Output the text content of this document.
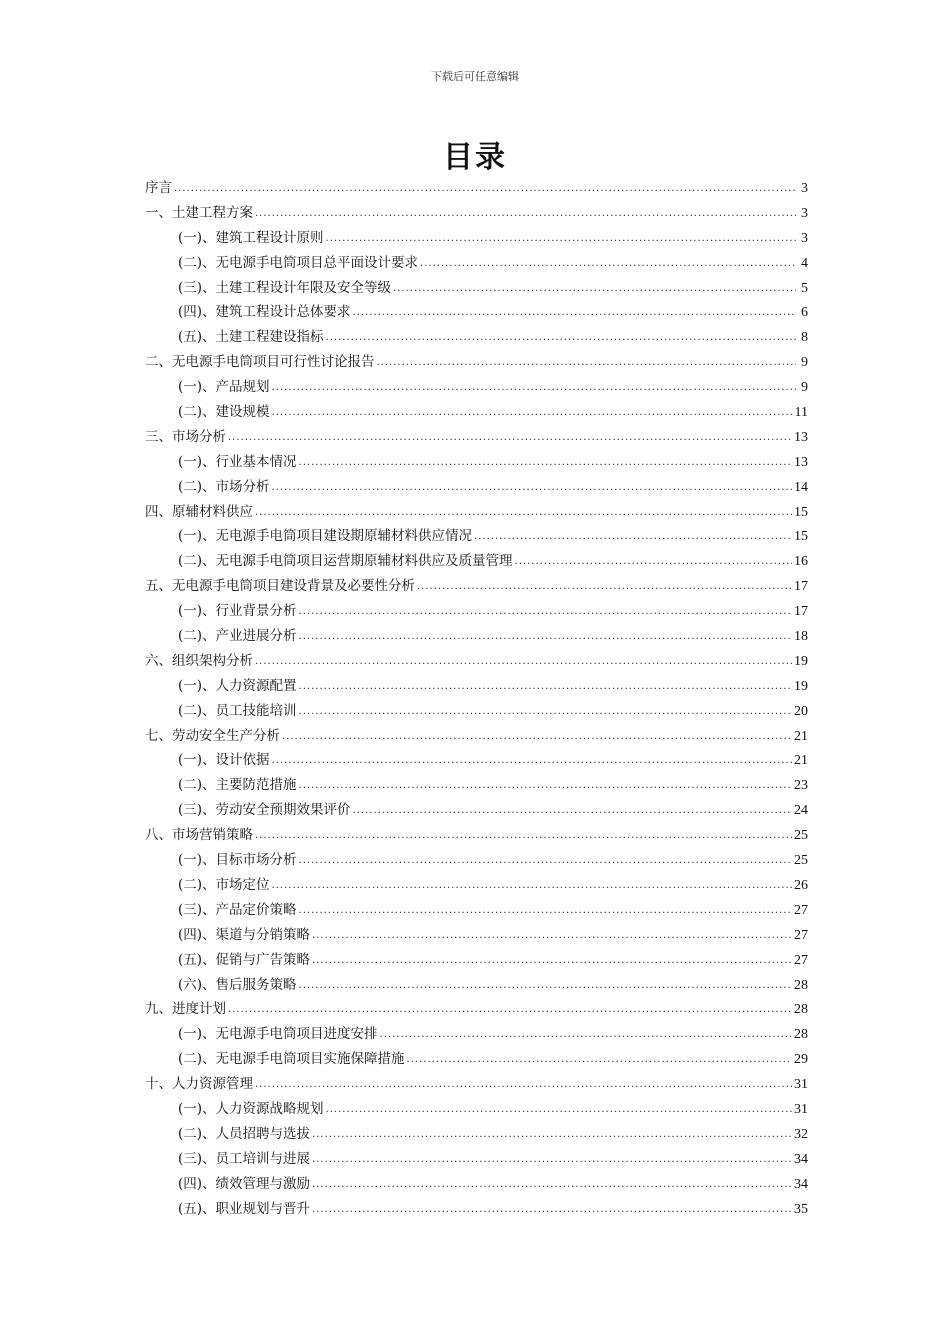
下载后可任意编辑
目录
序言 .....	3
一、土建工程方案 .....	3
(一)、建筑工程设计原则 .....	3
(二)、无电源手电筒项目总平面设计要求 .....	4
(三)、土建工程设计年限及安全等级 .....	5
(四)、建筑工程设计总体要求 .....	6
(五)、土建工程建设指标 .....	8
二、无电源手电筒项目可行性讨论报告 .....	9
(一)、产品规划 .....	9
(二)、建设规模 .....	11
三、市场分析 .....	13
(一)、行业基本情况 .....	13
(二)、市场分析 .....	14
四、原辅材料供应 .....	15
(一)、无电源手电筒项目建设期原辅材料供应情况 .....	15
(二)、无电源手电筒项目运营期原辅材料供应及质量管理 .....	16
五、无电源手电筒项目建设背景及必要性分析 .....	17
(一)、行业背景分析 .....	17
(二)、产业进展分析 .....	18
六、组织架构分析 .....	19
(一)、人力资源配置 .....	19
(二)、员工技能培训 .....	20
七、劳动安全生产分析 .....	21
(一)、设计依据 .....	21
(二)、主要防范措施 .....	23
(三)、劳动安全预期效果评价 .....	24
八、市场营销策略 .....	25
(一)、目标市场分析 .....	25
(二)、市场定位 .....	26
(三)、产品定价策略 .....	27
(四)、渠道与分销策略 .....	27
(五)、促销与广告策略 .....	27
(六)、售后服务策略 .....	28
九、进度计划 .....	28
(一)、无电源手电筒项目进度安排 .....	28
(二)、无电源手电筒项目实施保障措施 .....	29
十、人力资源管理 .....	31
(一)、人力资源战略规划 .....	31
(二)、人员招聘与选拔 .....	32
(三)、员工培训与进展 .....	34
(四)、绩效管理与激励 .....	34
(五)、职业规划与晋升 .....	35
